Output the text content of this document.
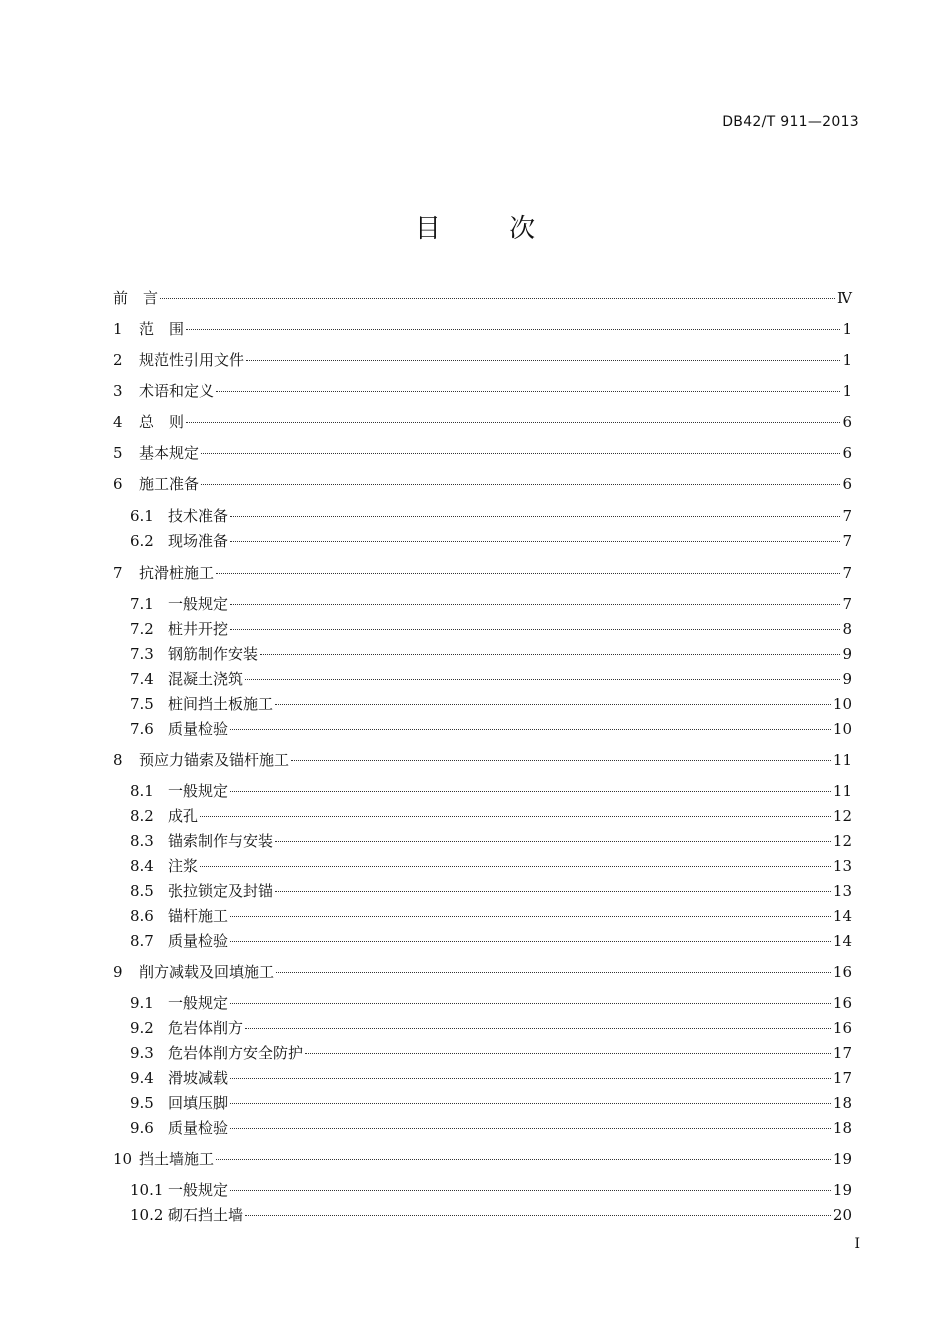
DB42/T 911—2013
目 次
前　言	Ⅳ
1	范　围	1
2	规范性引用文件	1
3	术语和定义	1
4	总　则	6
5	基本规定	6
6	施工准备	6
6.1 技术准备	7
6.2 现场准备	7
7	抗滑桩施工	7
7.1 一般规定	7
7.2 桩井开挖	8
7.3 钢筋制作安装	9
7.4 混凝土浇筑	9
7.5 桩间挡土板施工	10
7.6 质量检验	10
8	预应力锚索及锚杆施工	11
8.1 一般规定	11
8.2 成孔	12
8.3 锚索制作与安装	12
8.4 注浆	13
8.5 张拉锁定及封锚	13
8.6 锚杆施工	14
8.7 质量检验	14
9	削方减载及回填施工	16
9.1 一般规定	16
9.2 危岩体削方	16
9.3 危岩体削方安全防护	17
9.4 滑坡减载	17
9.5 回填压脚	18
9.6 质量检验	18
10 挡土墙施工	19
10.1 一般规定	19
10.2 砌石挡土墙	20
I
